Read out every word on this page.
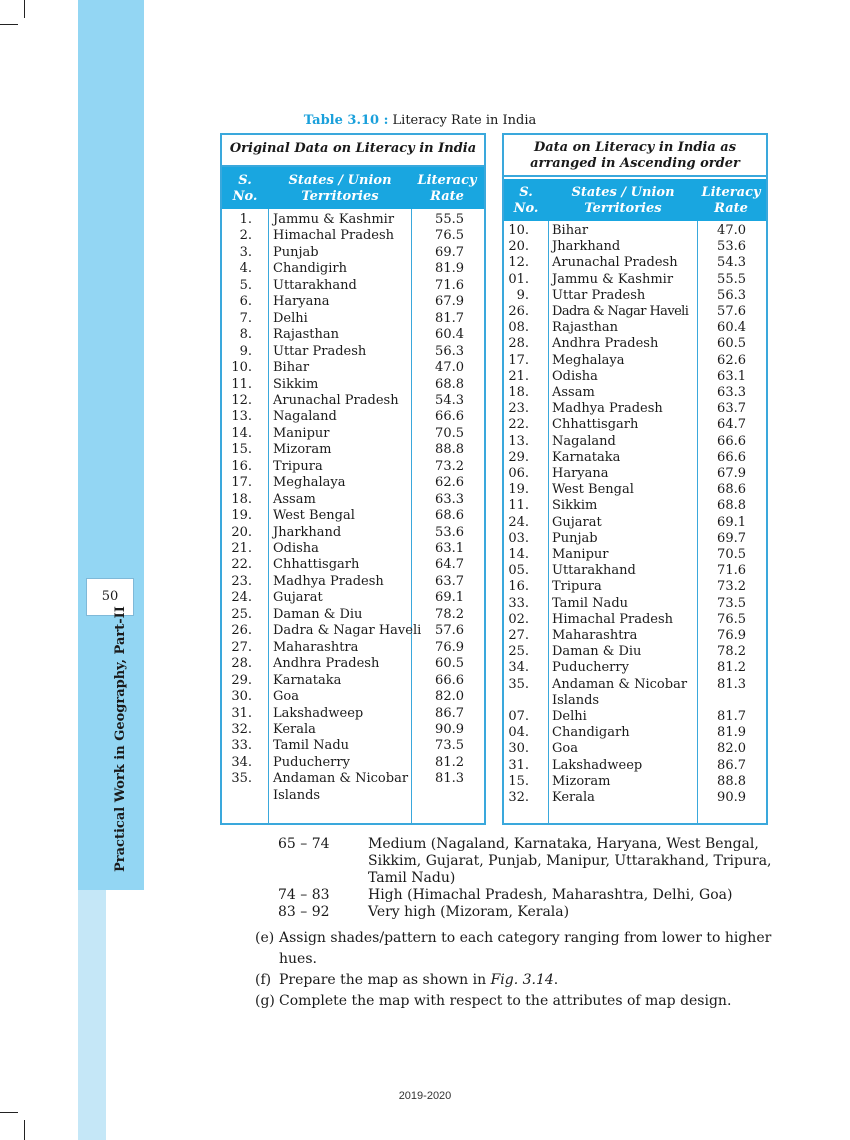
50
Practical Work in Geography, Part-II
Table 3.10 : Literacy Rate in India
Original Data on Literacy in India
S.
No.
States / Union
Territories
Literacy
Rate
1. Jammu & Kashmir	55.5
2. Himachal Pradesh	76.5
3. Punjab	69.7
4. Chandigirh	81.9
5. Uttarakhand	71.6
6. Haryana	67.9
7. Delhi	81.7
8. Rajasthan	60.4
9. Uttar Pradesh	56.3
10. Bihar	47.0
11. Sikkim	68.8
12. Arunachal Pradesh	54.3
13. Nagaland	66.6
14. Manipur	70.5
15. Mizoram	88.8
16. Tripura	73.2
17. Meghalaya	62.6
18. Assam	63.3
19. West Bengal	68.6
20. Jharkhand	53.6
21. Odisha	63.1
22. Chhattisgarh	64.7
23. Madhya Pradesh	63.7
24. Gujarat	69.1
25. Daman & Diu	78.2
26. Dadra & Nagar Haveli 57.6
27. Maharashtra	76.9
28. Andhra Pradesh	60.5
29. Karnataka	66.6
30. Goa	82.0
31. Lakshadweep	86.7
32. Kerala	90.9
33. Tamil Nadu	73.5
34. Puducherry	81.2
35. Andaman & Nicobar 81.3
Islands
Data on Literacy in India as
arranged in Ascending order
S.
No.
States / Union
Territories
Literacy
Rate
10. Bihar	47.0
20. Jharkhand	53.6
12. Arunachal Pradesh	54.3
01. Jammu & Kashmir	55.5
9. Uttar Pradesh	56.3
26. Dadra & Nagar Haveli 57.6
08. Rajasthan	60.4
28. Andhra Pradesh	60.5
17. Meghalaya	62.6
21. Odisha	63.1
18. Assam	63.3
23. Madhya Pradesh	63.7
22. Chhattisgarh	64.7
13. Nagaland	66.6
29. Karnataka	66.6
06. Haryana	67.9
19. West Bengal	68.6
11. Sikkim	68.8
24. Gujarat	69.1
03. Punjab	69.7
14. Manipur	70.5
05. Uttarakhand	71.6
16. Tripura	73.2
33. Tamil Nadu	73.5
02. Himachal Pradesh	76.5
27. Maharashtra	76.9
25. Daman & Diu	78.2
34. Puducherry	81.2
35. Andaman & Nicobar 81.3
Islands
07. Delhi	81.7
04. Chandigarh	81.9
30. Goa	82.0
31. Lakshadweep	86.7
15. Mizoram	88.8
32. Kerala	90.9
65 – 74	Medium (Nagaland, Karnataka, Haryana, West Bengal,
Sikkim, Gujarat, Punjab, Manipur, Uttarakhand, Tripura,
Tamil Nadu)
74 – 83	High (Himachal Pradesh, Maharashtra, Delhi, Goa)
83 – 92	Very high (Mizoram, Kerala)
(e) Assign shades/pattern to each category ranging from lower to higher hues.
(f) Prepare the map as shown in Fig. 3.14.
(g) Complete the map with respect to the attributes of map design.
2019-2020
